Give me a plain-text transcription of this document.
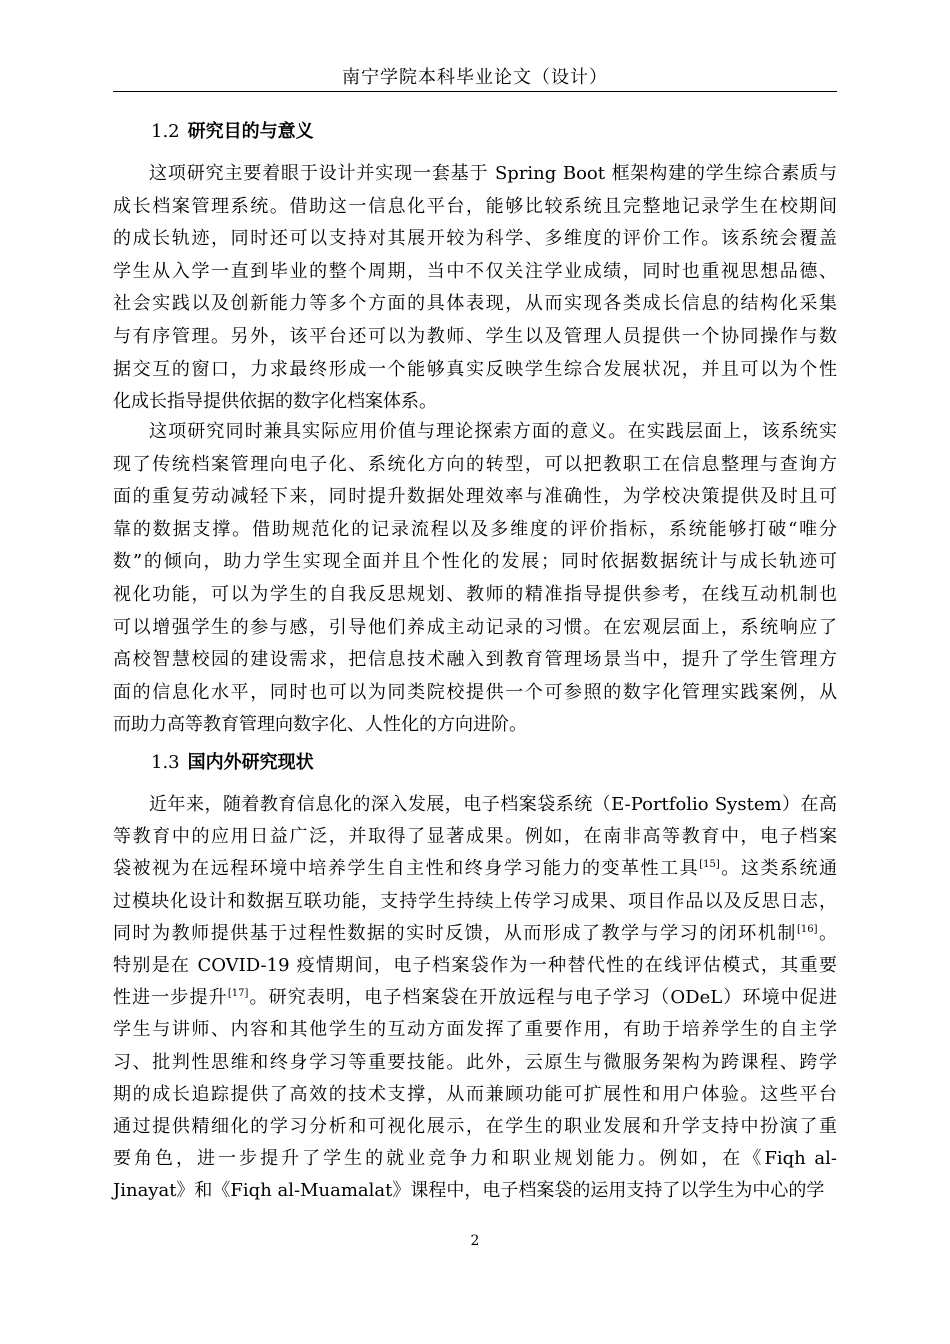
南宁学院本科毕业论文（设计）
1.2 研究目的与意义
这项研究主要着眼于设计并实现一套基于 Spring Boot 框架构建的学生综合素质与
成长档案管理系统。借助这一信息化平台，能够比较系统且完整地记录学生在校期间
的成长轨迹，同时还可以支持对其展开较为科学、多维度的评价工作。该系统会覆盖
学生从入学一直到毕业的整个周期，当中不仅关注学业成绩，同时也重视思想品德、
社会实践以及创新能力等多个方面的具体表现，从而实现各类成长信息的结构化采集
与有序管理。另外，该平台还可以为教师、学生以及管理人员提供一个协同操作与数
据交互的窗口，力求最终形成一个能够真实反映学生综合发展状况，并且可以为个性
化成长指导提供依据的数字化档案体系。
这项研究同时兼具实际应用价值与理论探索方面的意义。在实践层面上，该系统实
现了传统档案管理向电子化、系统化方向的转型，可以把教职工在信息整理与查询方
面的重复劳动减轻下来，同时提升数据处理效率与准确性，为学校决策提供及时且可
靠的数据支撑。借助规范化的记录流程以及多维度的评价指标，系统能够打破“唯分
数”的倾向，助力学生实现全面并且个性化的发展；同时依据数据统计与成长轨迹可
视化功能，可以为学生的自我反思规划、教师的精准指导提供参考，在线互动机制也
可以增强学生的参与感，引导他们养成主动记录的习惯。在宏观层面上，系统响应了
高校智慧校园的建设需求，把信息技术融入到教育管理场景当中，提升了学生管理方
面的信息化水平，同时也可以为同类院校提供一个可参照的数字化管理实践案例，从
而助力高等教育管理向数字化、人性化的方向进阶。
1.3 国内外研究现状
近年来，随着教育信息化的深入发展，电子档案袋系统（E-Portfolio System）在高
等教育中的应用日益广泛，并取得了显著成果。例如，在南非高等教育中，电子档案
袋被视为在远程环境中培养学生自主性和终身学习能力的变革性工具[15]。这类系统通
过模块化设计和数据互联功能，支持学生持续上传学习成果、项目作品以及反思日志，
同时为教师提供基于过程性数据的实时反馈，从而形成了教学与学习的闭环机制[16]。
特别是在 COVID-19 疫情期间，电子档案袋作为一种替代性的在线评估模式，其重要
性进一步提升[17]。研究表明，电子档案袋在开放远程与电子学习（ODeL）环境中促进
学生与讲师、内容和其他学生的互动方面发挥了重要作用，有助于培养学生的自主学
习、批判性思维和终身学习等重要技能。此外，云原生与微服务架构为跨课程、跨学
期的成长追踪提供了高效的技术支撑，从而兼顾功能可扩展性和用户体验。这些平台
通过提供精细化的学习分析和可视化展示，在学生的职业发展和升学支持中扮演了重
要角色，进一步提升了学生的就业竞争力和职业规划能力。例如，在《Fiqh al-
Jinayat》和《Fiqh al-Muamalat》课程中，电子档案袋的运用支持了以学生为中心的学
2
